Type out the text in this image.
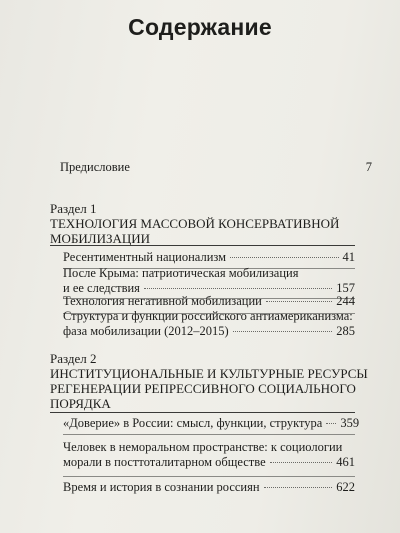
Содержание
Предисловие	7
Раздел 1
ТЕХНОЛОГИЯ МАССОВОЙ КОНСЕРВАТИВНОЙ
МОБИЛИЗАЦИИ
Ресентиментный национализм	41
После Крыма: патриотическая мобилизация
и ее следствия	157
Технология негативной мобилизации	244
Структура и функции российского антиамериканизма:
фаза мобилизации (2012–2015)	285
Раздел 2
ИНСТИТУЦИОНАЛЬНЫЕ И КУЛЬТУРНЫЕ РЕСУРСЫ
РЕГЕНЕРАЦИИ РЕПРЕССИВНОГО СОЦИАЛЬНОГО
ПОРЯДКА
«Доверие» в России: смысл, функции, структура 359
Человек в неморальном пространстве: к социологии
морали в посттоталитарном обществе	461
Время и история в сознании россиян	622
